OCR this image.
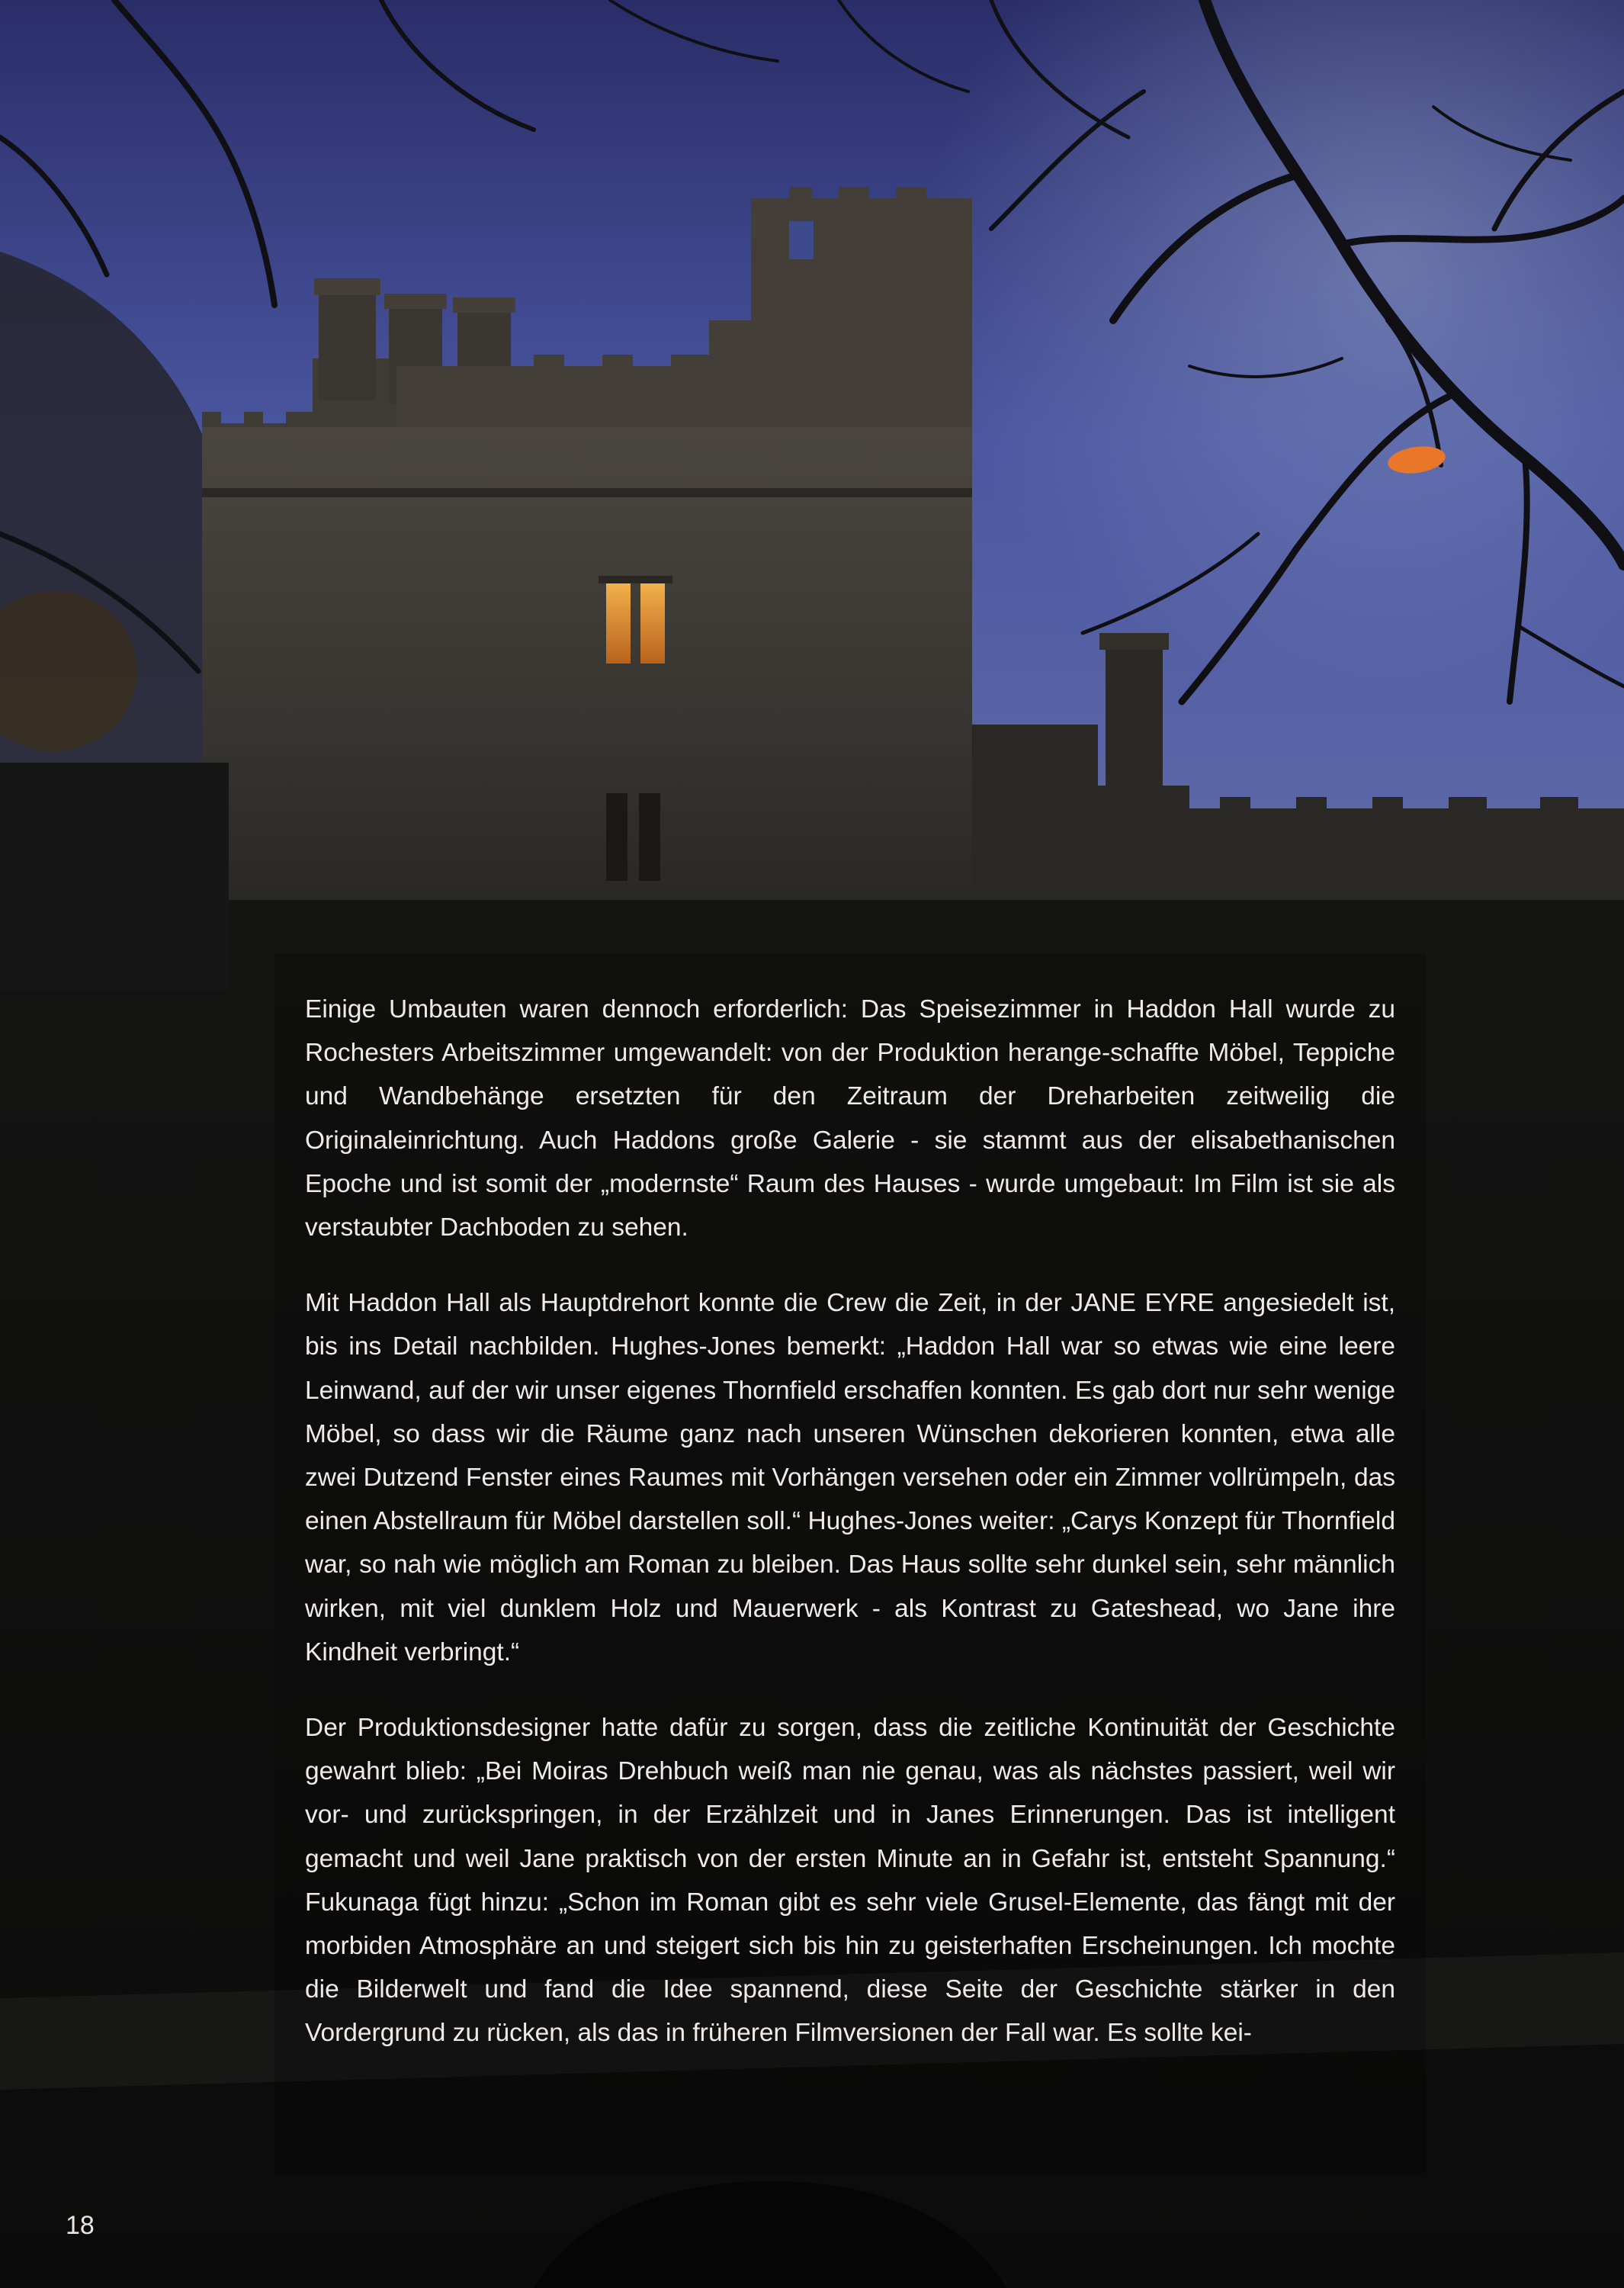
Einige Umbauten waren dennoch erforderlich: Das Speisezimmer in Haddon Hall wurde zu Rochesters Arbeitszimmer umgewandelt: von der Produktion herange-schaffte Möbel, Teppiche und Wandbehänge ersetzten für den Zeitraum der Dreharbeiten zeitweilig die Originaleinrichtung. Auch Haddons große Galerie - sie stammt aus der elisabethanischen Epoche und ist somit der „modernste“ Raum des Hauses - wurde umgebaut: Im Film ist sie als verstaubter Dachboden zu sehen.

Mit Haddon Hall als Hauptdrehort konnte die Crew die Zeit, in der JANE EYRE angesiedelt ist, bis ins Detail nachbilden. Hughes-Jones bemerkt: „Haddon Hall war so etwas wie eine leere Leinwand, auf der wir unser eigenes Thornfield erschaffen konnten. Es gab dort nur sehr wenige Möbel, so dass wir die Räume ganz nach unseren Wünschen dekorieren konnten, etwa alle zwei Dutzend Fenster eines Raumes mit Vorhängen versehen oder ein Zimmer vollrümpeln, das einen Abstellraum für Möbel darstellen soll.“ Hughes-Jones weiter: „Carys Konzept für Thornfield war, so nah wie möglich am Roman zu bleiben. Das Haus sollte sehr dunkel sein, sehr männlich wirken, mit viel dunklem Holz und Mauerwerk - als Kontrast zu Gateshead, wo Jane ihre Kindheit verbringt.“

Der Produktionsdesigner hatte dafür zu sorgen, dass die zeitliche Kontinuität der Geschichte gewahrt blieb: „Bei Moiras Drehbuch weiß man nie genau, was als nächstes passiert, weil wir vor- und zurückspringen, in der Erzählzeit und in Janes Erinnerungen. Das ist intelligent gemacht und weil Jane praktisch von der ersten Minute an in Gefahr ist, entsteht Spannung.“ Fukunaga fügt hinzu: „Schon im Roman gibt es sehr viele Grusel-Elemente, das fängt mit der morbiden Atmosphäre an und steigert sich bis hin zu geisterhaften Erscheinungen. Ich mochte die Bilderwelt und fand die Idee spannend, diese Seite der Geschichte stärker in den Vordergrund zu rücken, als das in früheren Filmversionen der Fall war. Es sollte kei-

18
